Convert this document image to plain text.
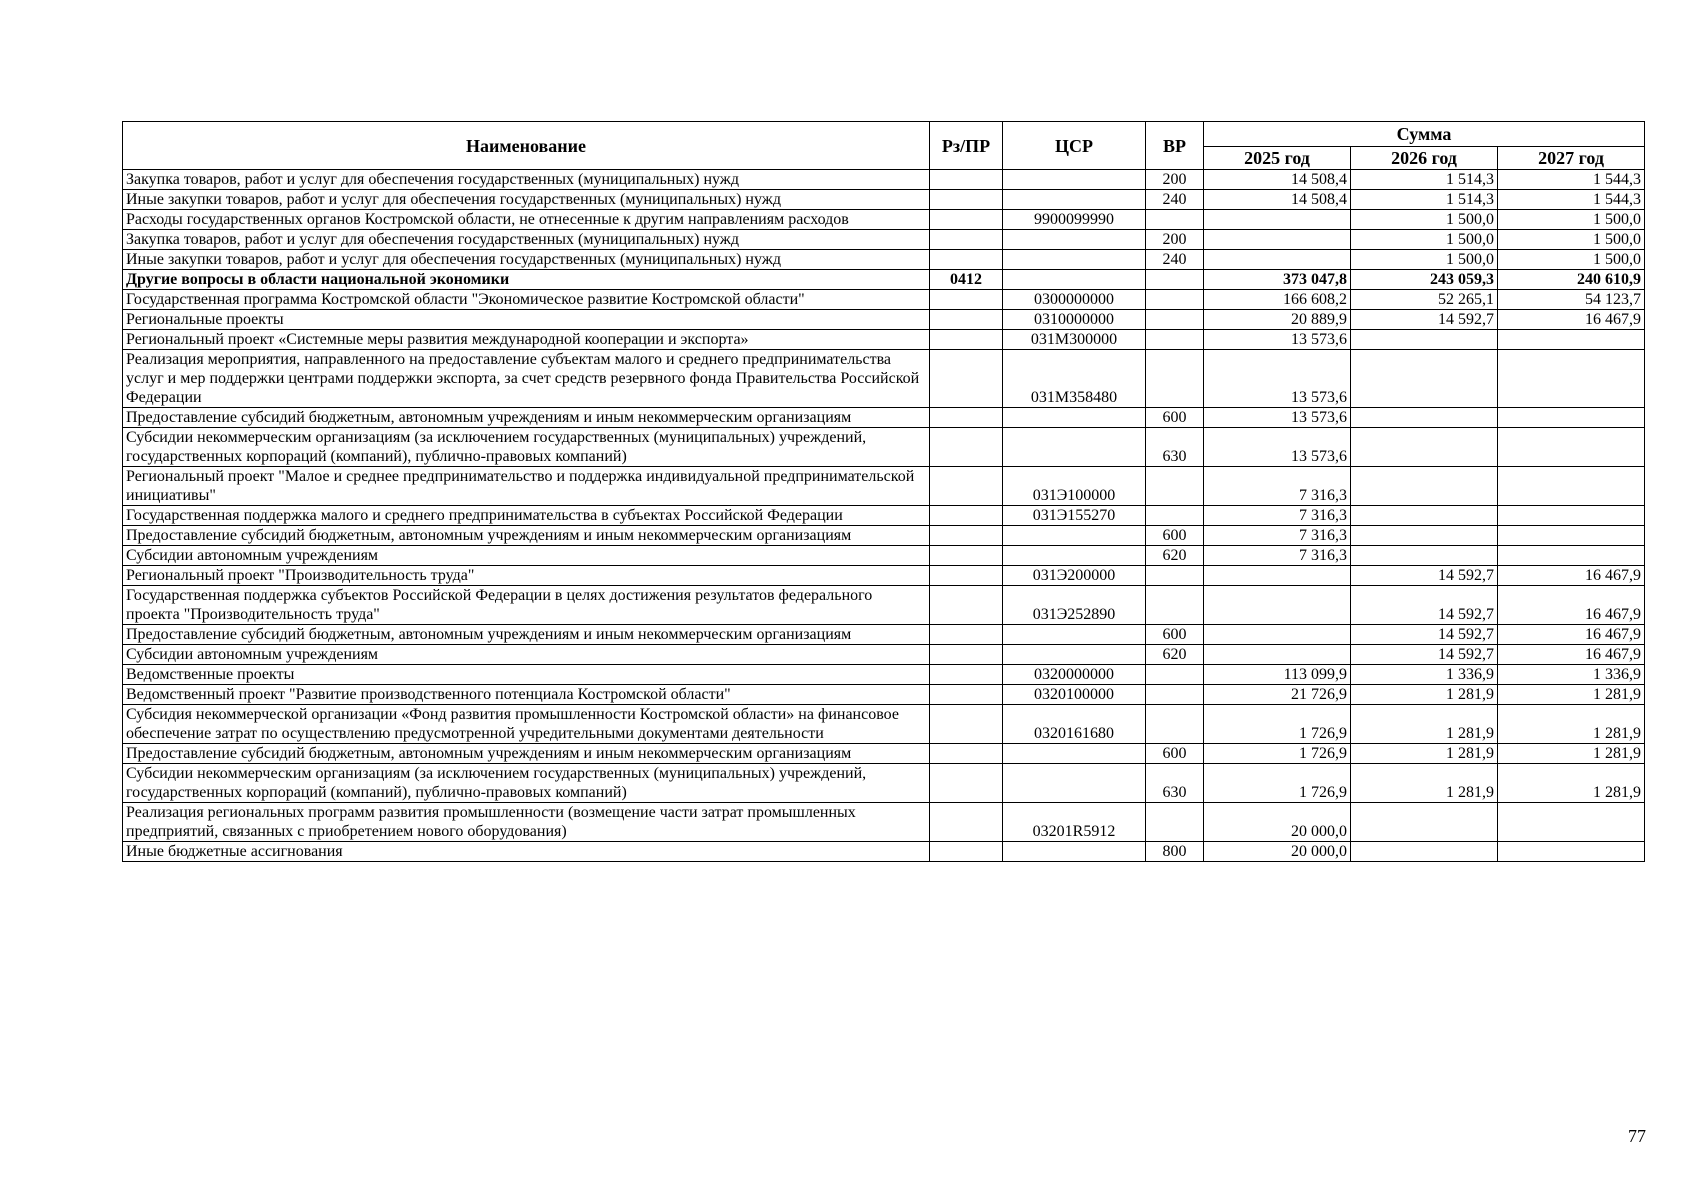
Наименование	Рз/ПР	ЦСР	ВР	Сумма		
				2025 год	2026 год	2027 год
Закупка товаров, работ и услуг для обеспечения государственных (муниципальных) нужд			200	14 508,4	1 514,3	1 544,3
Иные закупки товаров, работ и услуг для обеспечения государственных (муниципальных) нужд			240	14 508,4	1 514,3	1 544,3
Расходы государственных органов Костромской области, не отнесенные к другим направлениям расходов		9900099990			1 500,0	1 500,0
Закупка товаров, работ и услуг для обеспечения государственных (муниципальных) нужд			200		1 500,0	1 500,0
Иные закупки товаров, работ и услуг для обеспечения государственных (муниципальных) нужд			240		1 500,0	1 500,0
Другие вопросы в области национальной экономики	0412			373 047,8	243 059,3	240 610,9
Государственная программа Костромской области "Экономическое развитие Костромской области"		0300000000		166 608,2	52 265,1	54 123,7
Региональные проекты		0310000000		20 889,9	14 592,7	16 467,9
Региональный проект «Системные меры развития международной кооперации и экспорта»		031M300000		13 573,6		
Реализация мероприятия, направленного на предоставление субъектам малого и среднего предпринимательства услуг и мер поддержки центрами поддержки экспорта, за счет средств резервного фонда Правительства Российской Федерации		031M358480		13 573,6		
Предоставление субсидий бюджетным, автономным учреждениям и иным некоммерческим организациям			600	13 573,6		
Субсидии некоммерческим организациям (за исключением государственных (муниципальных) учреждений, государственных корпораций (компаний), публично-правовых компаний)			630	13 573,6		
Региональный проект "Малое и среднее предпринимательство и поддержка индивидуальной предпринимательской инициативы"		031Э100000		7 316,3		
Государственная поддержка малого и среднего предпринимательства в субъектах Российской Федерации		031Э155270		7 316,3		
Предоставление субсидий бюджетным, автономным учреждениям и иным некоммерческим организациям			600	7 316,3		
Субсидии автономным учреждениям			620	7 316,3		
Региональный проект "Производительность труда"		031Э200000			14 592,7	16 467,9
Государственная поддержка субъектов Российской Федерации в целях достижения результатов федерального проекта "Производительность труда"		031Э252890			14 592,7	16 467,9
Предоставление субсидий бюджетным, автономным учреждениям и иным некоммерческим организациям			600		14 592,7	16 467,9
Субсидии автономным учреждениям			620		14 592,7	16 467,9
Ведомственные проекты		0320000000		113 099,9	1 336,9	1 336,9
Ведомственный проект "Развитие производственного потенциала Костромской области"		0320100000		21 726,9	1 281,9	1 281,9
Субсидия некоммерческой организации «Фонд развития промышленности Костромской области» на финансовое обеспечение затрат по осуществлению предусмотренной учредительными документами деятельности		0320161680		1 726,9	1 281,9	1 281,9
Предоставление субсидий бюджетным, автономным учреждениям и иным некоммерческим организациям			600	1 726,9	1 281,9	1 281,9
Субсидии некоммерческим организациям (за исключением государственных (муниципальных) учреждений, государственных корпораций (компаний), публично-правовых компаний)			630	1 726,9	1 281,9	1 281,9
Реализация региональных программ развития промышленности (возмещение части затрат промышленных предприятий, связанных с приобретением нового оборудования)		03201R5912		20 000,0		
Иные бюджетные ассигнования			800	20 000,0		
77
